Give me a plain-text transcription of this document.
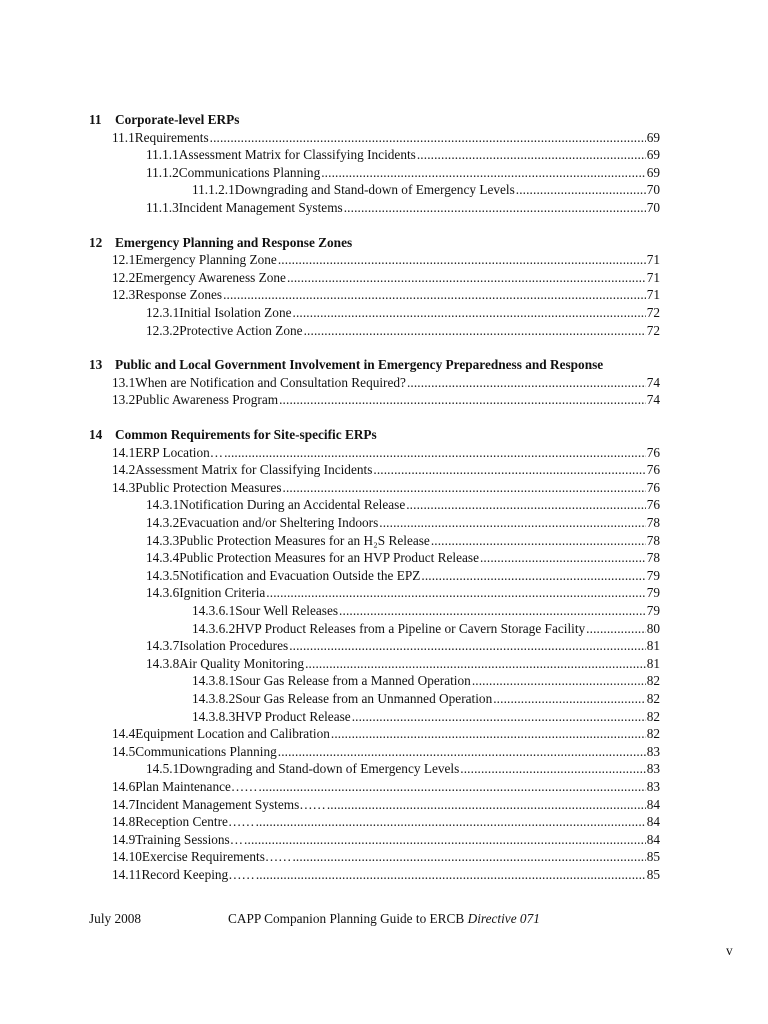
11	Corporate-level ERPs
11.1 Requirements . . .	69
11.1.1 Assessment Matrix for Classifying Incidents . . .	69
11.1.2 Communications Planning . . .	69
11.1.2.1 Downgrading and Stand-down of Emergency Levels . . .	70
11.1.3 Incident Management Systems . . .	70
12 Emergency Planning and Response Zones
12.1 Emergency Planning Zone . . .	71
12.2 Emergency Awareness Zone . . .	71
12.3 Response Zones . . .	71
12.3.1 Initial Isolation Zone . . .	72
12.3.2 Protective Action Zone . . .	72
13 Public and Local Government Involvement in Emergency Preparedness and Response
13.1 When are Notification and Consultation Required? . . .	74
13.2 Public Awareness Program . . .	74
14 Common Requirements for Site-specific ERPs
14.1 ERP Location… . . .	76
14.2 Assessment Matrix for Classifying Incidents . . .	76
14.3 Public Protection Measures . . .	76
14.3.1 Notification During an Accidental Release . . .	76
14.3.2 Evacuation and/or Sheltering Indoors . . .	78
14.3.3 Public Protection Measures for an H₂S Release . . .	78
14.3.4 Public Protection Measures for an HVP Product Release . . .	78
14.3.5 Notification and Evacuation Outside the EPZ . . .	79
14.3.6 Ignition Criteria . . .	79
14.3.6.1 Sour Well Releases . . .	79
14.3.6.2 HVP Product Releases from a Pipeline or Cavern Storage Facility . . .	80
14.3.7 Isolation Procedures . . .	81
14.3.8 Air Quality Monitoring . . .	81
14.3.8.1 Sour Gas Release from a Manned Operation . . .	82
14.3.8.2 Sour Gas Release from an Unmanned Operation . . .	82
14.3.8.3 HVP Product Release . . .	82
14.4 Equipment Location and Calibration . . .	82
14.5 Communications Planning . . .	83
14.5.1 Downgrading and Stand-down of Emergency Levels . . .	83
14.6 Plan Maintenance…… . . .	83
14.7 Incident Management Systems…… . . .	84
14.8 Reception Centre…… . . .	84
14.9 Training Sessions… . . .	84
14.10 Exercise Requirements…… . . .	85
14.11 Record Keeping…… . . .	85
July 2008	CAPP Companion Planning Guide to ERCB Directive 071
v
